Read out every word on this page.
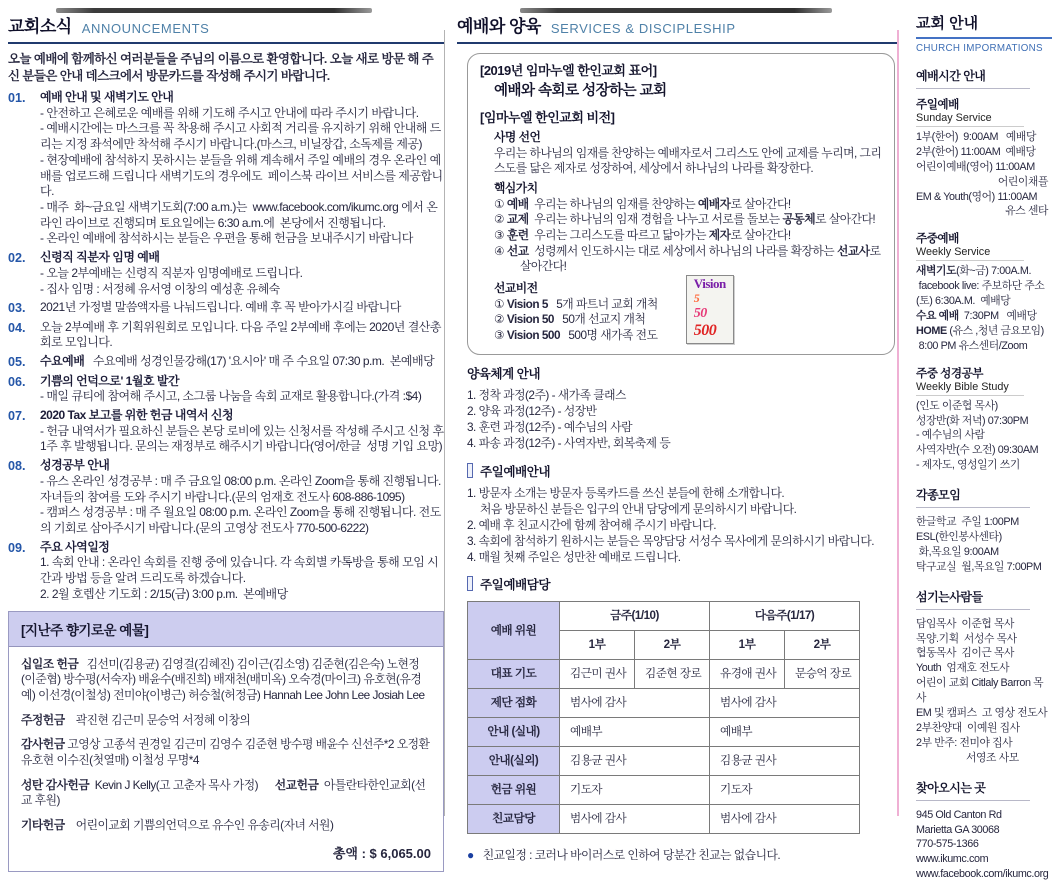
교회소식 ANNOUNCEMENTS
오늘 예배에 함께하신 여러분들을 주님의 이름으로 환영합니다. 오늘 새로 방문 해 주신 분들은 안내 데스크에서 방문카드를 작성해 주시기 바랍니다.
01.	예배 안내 및 새벽기도 안내
- 안전하고 은혜로운 예배를 위해 기도해 주시고 안내에 따라 주시기 바랍니다.
- 예배시간에는 마스크를 꼭 착용해 주시고 사회적 거리를 유지하기 위해 안내해 드리는 지정 좌석에만 착석해 주시기 바랍니다.(마스크, 비닐장갑, 소독제를 제공)
- 현장예배에 참석하지 못하시는 분들을 위해 계속해서 주일 예배의 경우 온라인 예배를 업로드해 드립니다 새벽기도의 경우에도  페이스북 라이브 서비스를 제공합니다.
- 매주  화~금요일 새벽기도회(7:00 a.m.)는  www.facebook.com/ikumc.org 에서 온라인 라이브로 진행되며 토요일에는 6:30 a.m.에  본당에서 진행됩니다.
- 온라인 예배에 참석하시는 분들은 우편을 통해 헌금을 보내주시기 바랍니다
02.	신령직 직분자 임명 예배
- 오늘 2부예배는 신령직 직분자 임명예배로 드립니다.
- 집사 임명 : 서정혜 유서영 이창의 예성훈 유혜숙
03.	2021년 가정별 말씀액자를 나눠드립니다. 예배 후 꼭 받아가시길 바랍니다
04.	오늘 2부예배 후 기획위원회로 모입니다. 다음 주일 2부예배 후에는 2020년 결산총회로 모입니다.
05.	수요예배   수요예배 성경인물강해(17) '요시아' 매 주 수요일 07:30 p.m.  본예배당
06.	기쁨의 언덕으로' 1월호 발간
- 매일 큐티에 참여해 주시고, 소그룹 나눔을 속회 교재로 활용합니다.(가격 :$4)
07.	2020 Tax 보고를 위한 헌금 내역서 신청
- 헌금 내역서가 필요하신 분들은 본당 로비에 있는 신청서를 작성해 주시고 신청 후 1주 후 발행됩니다. 문의는 재정부로 해주시기 바랍니다(영어/한글  성명 기입 요망)
08.	성경공부 안내
- 유스 온라인 성경공부 : 매 주 금요일 08:00 p.m. 온라인 Zoom을 통해 진행됩니다. 자녀들의 참여를 도와 주시기 바랍니다.(문의 엄재호 전도사 608-886-1095)
- 캠퍼스 성경공부 : 매 주 월요일 08:00 p.m. 온라인 Zoom을 통해 진행됩니다. 전도의 기회로 삼아주시기 바랍니다.(문의 고영상 전도사 770-500-6222)
09.	주요 사역일정
1. 속회 안내 : 온라인 속회를 진행 중에 있습니다. 각 속회별 카톡방을 통해 모임 시간과 방법 등을 알려 드리도록 하겠습니다.
2. 2월 호렙산 기도회 : 2/15(금) 3:00 p.m.  본예배당
[지난주 향기로운 예물]
십일조 헌금   김선미(김용균) 김영걸(김혜진) 김이근(김소영) 김준현(김은숙) 노현정(이준협) 방수평(서숙자) 배윤수(배진희) 배재천(배미옥) 오숙경(마이크) 유호현(유경예) 이선경(이철성) 전미야(이병근) 허승철(허정금) Hannah Lee John Lee Josiah Lee
주정헌금    곽진현 김근미 문승억 서정혜 이창의
감사헌금 고영상 고종석 권경일 김근미 김영수 김준현 방수평 배윤수 신선주*2 오정환 유호현 이수진(첫열매) 이철성 무명*4
성탄 감사헌금  Kevin J Kelly(고 고춘자 목사 가정)      선교헌금  아틀란타한인교회(선교 후원)
기타헌금    어린이교회 기쁨의언덕으로 유수인 유송리(자녀 서원)
총액 : $ 6,065.00
예배와 양육 SERVICES & DISCIPLESHIP
[2019년 임마누엘 한인교회 표어]
예배와 속회로 성장하는 교회
[임마누엘 한인교회 비전]
사명 선언
우리는 하나님의 임재를 찬양하는 예배자로서 그리스도 안에 교제를 누리며, 그리스도를 닮은 제자로 성장하여, 세상에서 하나님의 나라를 확장한다.
핵심가치
① 예배  우리는 하나님의 임재를 찬양하는 예배자로 살아간다!
② 교제  우리는 하나님의 임재 경험을 나누고 서로를 돌보는 공동체로 살아간다!
③ 훈련  우리는 그리스도를 따르고 닮아가는 제자로 살아간다!
④ 선교  성령께서 인도하시는 대로 세상에서 하나님의 나라를 확장하는 선교사로 살아간다!
선교비전
① Vision 5   5개 파트너 교회 개척
② Vision 50   50개 선교지 개척
③ Vision 500   500명 새가족 전도
Vision
5
50
500
양육체계 안내
1. 정착 과정(2주) - 새가족 클래스
2. 양육 과정(12주) - 성장반
3. 훈련 과정(12주) - 예수님의 사람
4. 파송 과정(12주) - 사역자반, 회복축제 등
주일예배안내
1. 방문자 소개는 방문자 등록카드를 쓰신 분들에 한해 소개합니다.
처음 방문하신 분들은 입구의 안내 담당에게 문의하시기 바랍니다.
2. 예배 후 친교시간에 함께 참여해 주시기 바랍니다.
3. 속회에 참석하기 원하시는 분들은 목양담당 서성수 목사에게 문의하시기 바랍니다.
4. 매월 첫째 주일은 성만찬 예배로 드립니다.
주일예배담당
예배 위원	금주(1/10)		다음주(1/17)	
	1부	2부	1부	2부
대표 기도	김근미 권사	김준현 장로	유경애 권사	문승억 장로
제단 점화	범사에 감사		범사에 감사	
안내 (실내)	예배부		예배부	
안내(실외)	김용균 권사		김용균 권사	
헌금 위원	기도자		기도자	
친교담당	범사에 감사		범사에 감사	
● 친교일정 : 코러나 바이러스로 인하여 당분간 친교는 없습니다.
교회 안내
CHURCH IMPORMATIONS
예배시간 안내
주일예배
Sunday Service
1부(한어)  9:00AM   예배당
2부(한어) 11:00AM  예배당
어린이예배(영어) 11:00AM
어린이채플
EM & Youth(영어) 11:00AM
유스 센타
주중예배
Weekly Service
새벽기도(화~금) 7:00A.M.
facebook live: 주보하단 주소
(토) 6:30A.M.  예배당
수요 예배  7:30PM   예배당
HOME (유스 ,청년 금요모임)
8:00 PM 유스센터/Zoom
주중 성경공부
Weekly Bible Study
(인도 이준협 목사)
성장반(화 저녁) 07:30PM
- 예수님의 사람
사역자반(수 오전) 09:30AM
- 제자도, 영성일기 쓰기
각종모임
한글학교  주일 1:00PM
ESL(한인봉사센타)
화,목요일 9:00AM
탁구교실  월,목요일 7:00PM
섬기는사람들
담임목사  이준협 목사
목양.기획  서성수 목사
협동목사  김이근 목사
Youth  엄재호 전도사
어린이 교회 Citlaly Barron 목사
EM 및 캠퍼스  고 영상 전도사
2부찬양대  이예원 집사
2부 반주: 전미야 집사
서영조 사모
찾아오시는 곳
945 Old Canton Rd
Marietta GA 30068
770-575-1366
www.ikumc.com
www.facebook.com/ikumc.org
